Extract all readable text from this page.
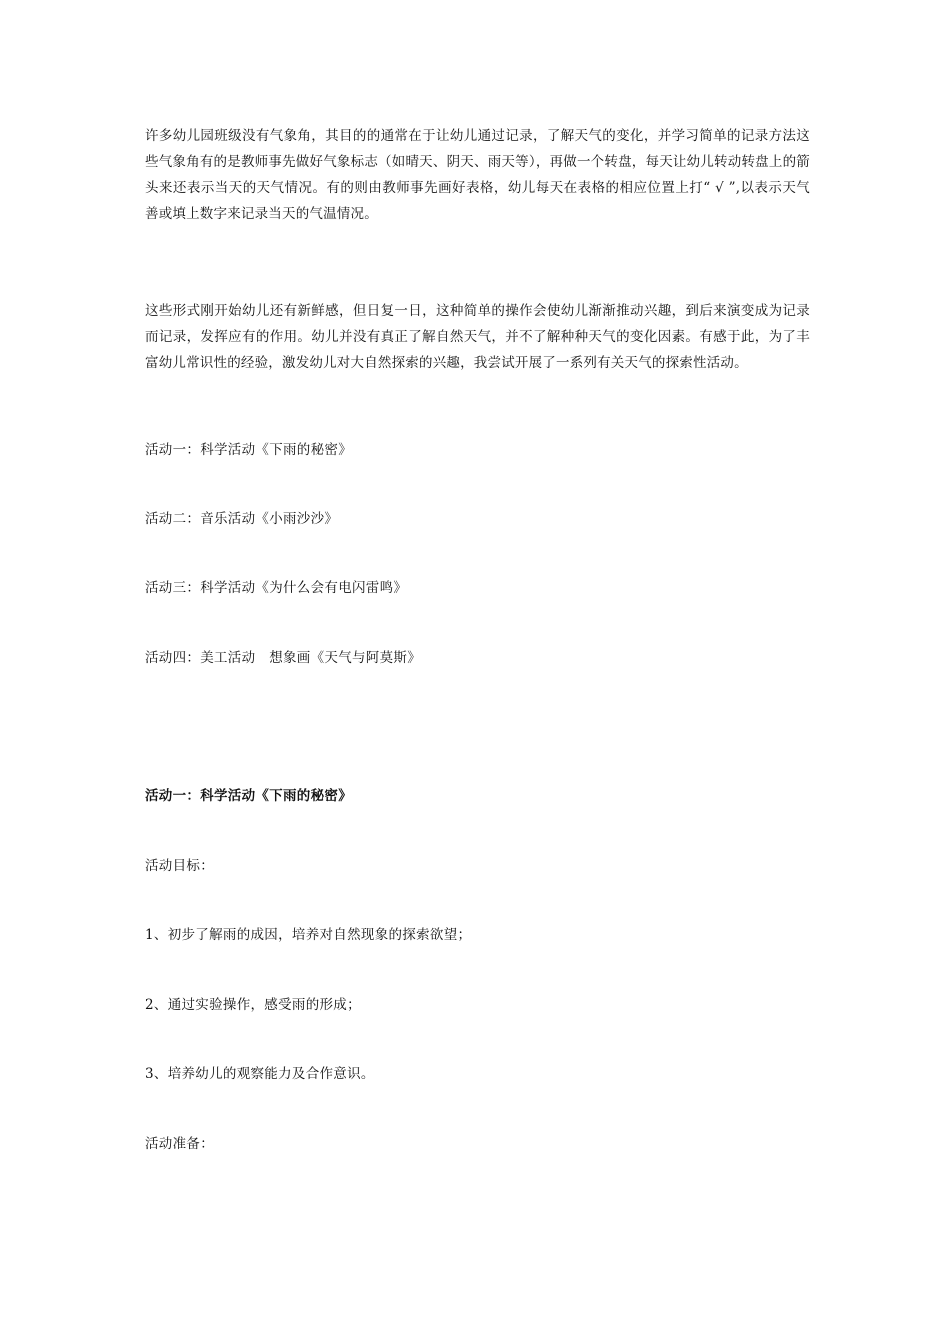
许多幼儿园班级没有气象角，其目的的通常在于让幼儿通过记录，了解天气的变化，并学习简单的记录方法这些气象角有的是教师事先做好气象标志（如晴天、阴天、雨天等），再做一个转盘，每天让幼儿转动转盘上的箭头来还表示当天的天气情况。有的则由教师事先画好表格，幼儿每天在表格的相应位置上打“ √ ”,以表示天气善或填上数字来记录当天的气温情况。

这些形式刚开始幼儿还有新鲜感，但日复一日，这种简单的操作会使幼儿渐渐推动兴趣，到后来演变成为记录而记录，发挥应有的作用。幼儿并没有真正了解自然天气，并不了解种种天气的变化因素。有感于此，为了丰富幼儿常识性的经验，激发幼儿对大自然探索的兴趣，我尝试开展了一系列有关天气的探索性活动。

活动一：科学活动《下雨的秘密》

活动二：音乐活动《小雨沙沙》

活动三：科学活动《为什么会有电闪雷鸣》

活动四：美工活动　想象画《天气与阿莫斯》

活动一：科学活动《下雨的秘密》

活动目标：

1、初步了解雨的成因，培养对自然现象的探索欲望；

2、通过实验操作，感受雨的形成；

3、培养幼儿的观察能力及合作意识。

活动准备：
